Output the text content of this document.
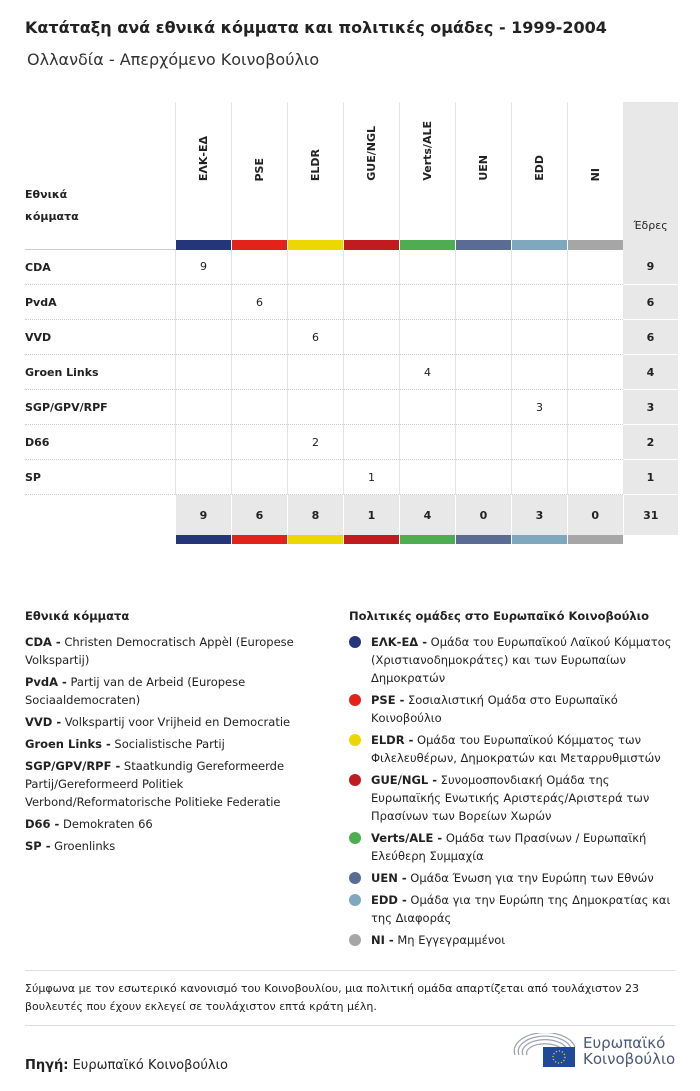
Κατάταξη ανά εθνικά κόμματα και πολιτικές ομάδες - 1999-2004
Ολλανδία - Απερχόμενο Κοινοβούλιο
Εθνικά κόμματα	ΕΛΚ-ΕΔ	PSE	ELDR	GUE/NGL	Verts/ALE	UEN	EDD	NI	Έδρες

CDA	9								9
PvdA		6							6
VVD			6						6
Groen Links					4				4
SGP/GPV/RPF							3		3
D66			2						2
SP				1					1
	9	6	8	1	4	0	3	0	31

Εθνικά κόμματα
CDA - Christen Democratisch Appèl (Europese Volkspartij)
PvdA - Partij van de Arbeid (Europese Sociaaldemocraten)
VVD - Volkspartij voor Vrijheid en Democratie
Groen Links - Socialistische Partij
SGP/GPV/RPF - Staatkundig Gereformeerde Partij/Gereformeerd Politiek Verbond/Reformatorische Politieke Federatie
D66 - Demokraten 66
SP - Groenlinks
Πολιτικές ομάδες στο Ευρωπαϊκό Κοινοβούλιο
ΕΛΚ-ΕΔ - Ομάδα του Ευρωπαϊκού Λαϊκού Κόμματος (Χριστιανοδημοκράτες) και των Ευρωπαίων Δημοκρατών
PSE - Σοσιαλιστική Ομάδα στο Ευρωπαϊκό Κοινοβούλιο
ELDR - Ομάδα του Ευρωπαϊκού Κόμματος των Φιλελευθέρων, Δημοκρατών και Μεταρρυθμιστών
GUE/NGL - Συνομοσπονδιακή Ομάδα της Ευρωπαϊκής Ενωτικής Αριστεράς/Αριστερά των Πρασίνων των Βορείων Χωρών
Verts/ALE - Ομάδα των Πρασίνων / Ευρωπαϊκή Ελεύθερη Συμμαχία
UEN - Ομάδα Ένωση για την Ευρώπη των Εθνών
EDD - Ομάδα για την Ευρώπη της Δημοκρατίας και της Διαφοράς
NI - Μη Εγγεγραμμένοι
Σύμφωνα με τον εσωτερικό κανονισμό του Κοινοβουλίου, μια πολιτική ομάδα απαρτίζεται από τουλάχιστον 23 βουλευτές που έχουν εκλεγεί σε τουλάχιστον επτά κράτη μέλη.
Πηγή: Ευρωπαϊκό Κοινοβούλιο
Ευρωπαϊκό
Κοινοβούλιο
